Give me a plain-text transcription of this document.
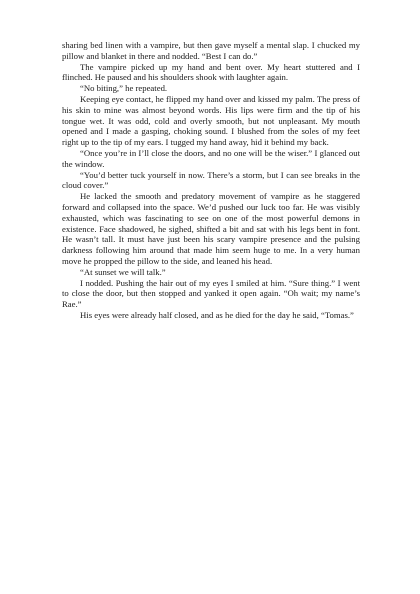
sharing bed linen with a vampire, but then gave myself a mental slap. I chucked my pillow and blanket in there and nodded. “Best I can do.”

The vampire picked up my hand and bent over. My heart stuttered and I flinched. He paused and his shoulders shook with laughter again.

“No biting,” he repeated.

Keeping eye contact, he flipped my hand over and kissed my palm. The press of his skin to mine was almost beyond words. His lips were firm and the tip of his tongue wet. It was odd, cold and overly smooth, but not unpleasant. My mouth opened and I made a gasping, choking sound. I blushed from the soles of my feet right up to the tip of my ears. I tugged my hand away, hid it behind my back.

“Once you’re in I’ll close the doors, and no one will be the wiser.” I glanced out the window.

“You’d better tuck yourself in now. There’s a storm, but I can see breaks in the cloud cover.”

He lacked the smooth and predatory movement of vampire as he staggered forward and collapsed into the space. We’d pushed our luck too far. He was visibly exhausted, which was fascinating to see on one of the most powerful demons in existence. Face shadowed, he sighed, shifted a bit and sat with his legs bent in font. He wasn’t tall. It must have just been his scary vampire presence and the pulsing darkness following him around that made him seem huge to me. In a very human move he propped the pillow to the side, and leaned his head.

“At sunset we will talk.”

I nodded. Pushing the hair out of my eyes I smiled at him. “Sure thing.” I went to close the door, but then stopped and yanked it open again. “Oh wait; my name’s Rae.”

His eyes were already half closed, and as he died for the day he said, “Tomas.”
